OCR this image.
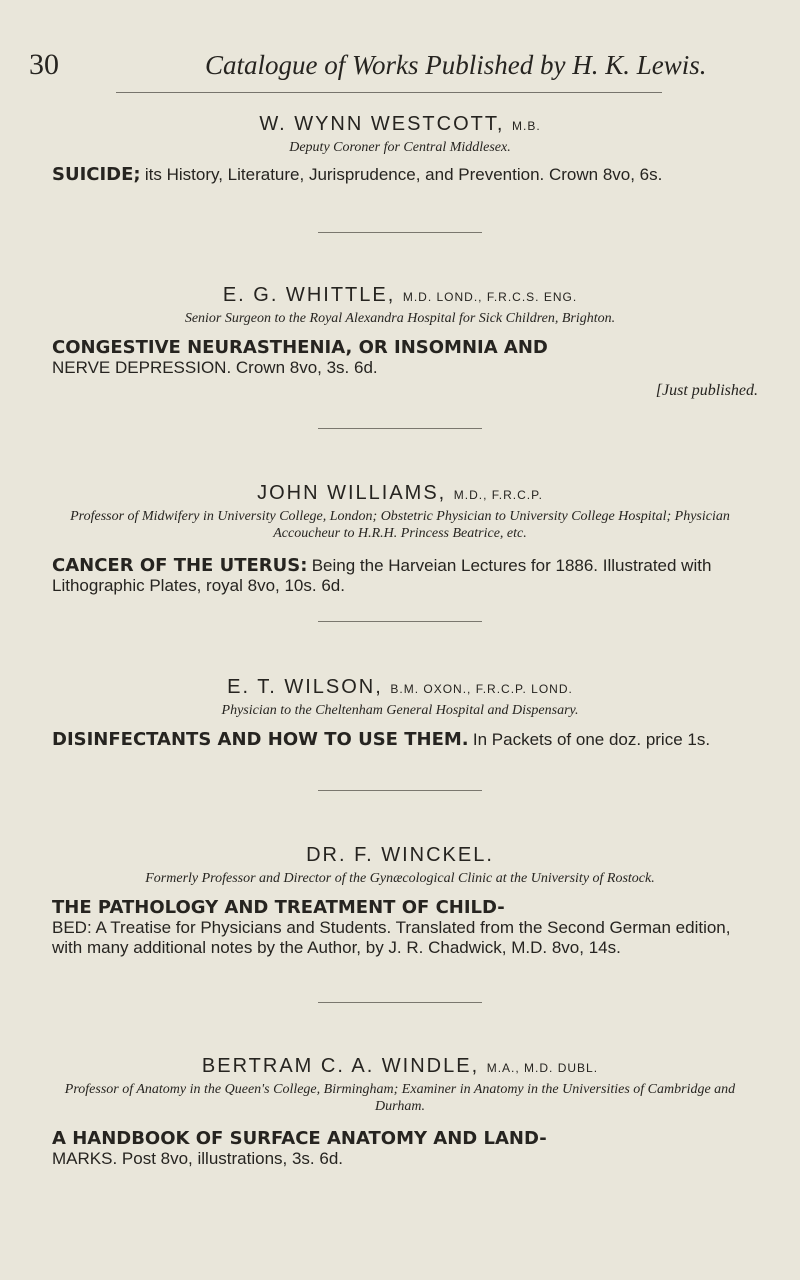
30	Catalogue of Works Published by H. K. Lewis.
W. WYNN WESTCOTT, M.B.
Deputy Coroner for Central Middlesex.
SUICIDE; its History, Literature, Jurisprudence, and Prevention. Crown 8vo, 6s.
E. G. WHITTLE, M.D. LOND., F.R.C.S. ENG.
Senior Surgeon to the Royal Alexandra Hospital for Sick Children, Brighton.
CONGESTIVE NEURASTHENIA, OR INSOMNIA AND
NERVE DEPRESSION. Crown 8vo, 3s. 6d.
[Just published.
JOHN WILLIAMS, M.D., F.R.C.P.
Professor of Midwifery in University College, London; Obstetric Physician to University College Hospital; Physician Accoucheur to H.R.H. Princess Beatrice, etc.
CANCER OF THE UTERUS: Being the Harveian Lectures for 1886. Illustrated with Lithographic Plates, royal 8vo, 10s. 6d.
E. T. WILSON, B.M. OXON., F.R.C.P. LOND.
Physician to the Cheltenham General Hospital and Dispensary.
DISINFECTANTS AND HOW TO USE THEM. In Packets of one doz. price 1s.
DR. F. WINCKEL.
Formerly Professor and Director of the Gynæcological Clinic at the University of Rostock.
THE PATHOLOGY AND TREATMENT OF CHILD-
BED: A Treatise for Physicians and Students. Translated from the Second German edition, with many additional notes by the Author, by J. R. Chadwick, M.D. 8vo, 14s.
BERTRAM C. A. WINDLE, M.A., M.D. DUBL.
Professor of Anatomy in the Queen's College, Birmingham; Examiner in Anatomy in the Universities of Cambridge and Durham.
A HANDBOOK OF SURFACE ANATOMY AND LAND-
MARKS. Post 8vo, illustrations, 3s. 6d.
